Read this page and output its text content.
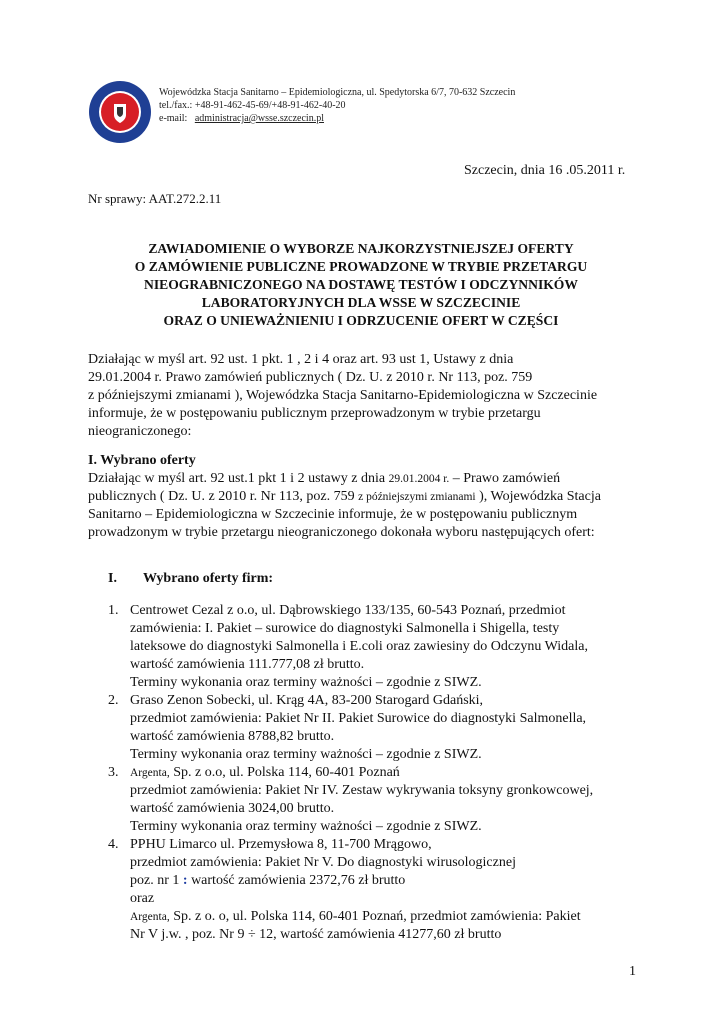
Wojewódzka Stacja Sanitarno – Epidemiologiczna, ul. Spedytorska 6/7, 70-632 Szczecin
tel./fax.: +48-91-462-45-69/+48-91-462-40-20
e-mail: administracja@wsse.szczecin.pl
Szczecin, dnia 16 .05.2011 r.
Nr sprawy: AAT.272.2.11
ZAWIADOMIENIE O WYBORZE NAJKORZYSTNIEJSZEJ OFERTY
O ZAMÓWIENIE PUBLICZNE PROWADZONE W TRYBIE PRZETARGU
NIEOGRABNICZONEGO NA DOSTAWĘ TESTÓW I ODCZYNNIKÓW
LABORATORYJNYCH DLA WSSE W SZCZECINIE
ORAZ O UNIEWAŻNIENIU I ODRZUCENIE OFERT W CZĘŚCI
Działając w myśl art. 92 ust. 1 pkt. 1 , 2 i 4 oraz art. 93 ust 1, Ustawy z dnia
29.01.2004 r. Prawo zamówień publicznych ( Dz. U. z 2010 r. Nr 113, poz. 759
z późniejszymi zmianami ), Wojewódzka Stacja Sanitarno-Epidemiologiczna w Szczecinie
informuje, że w postępowaniu publicznym przeprowadzonym w trybie przetargu
nieograniczonego:
I. Wybrano oferty
Działając w myśl art. 92 ust.1 pkt 1 i 2 ustawy z dnia 29.01.2004 r. – Prawo zamówień
publicznych ( Dz. U. z 2010 r. Nr 113, poz. 759 z późniejszymi zmianami ), Wojewódzka Stacja
Sanitarno – Epidemiologiczna w Szczecinie informuje, że w postępowaniu publicznym
prowadzonym w trybie przetargu nieograniczonego dokonała wyboru następujących ofert:
I. Wybrano oferty firm:
1. Centrowet Cezal z o.o, ul. Dąbrowskiego 133/135, 60-543 Poznań, przedmiot
zamówienia: I. Pakiet – surowice do diagnostyki Salmonella i Shigella, testy
lateksowe do diagnostyki Salmonella i E.coli oraz zawiesiny do Odczynu Widala,
wartość zamówienia 111.777,08 zł brutto.
Terminy wykonania oraz terminy ważności – zgodnie z SIWZ.
2. Graso Zenon Sobecki, ul. Krąg 4A, 83-200 Starogard Gdański,
przedmiot zamówienia: Pakiet Nr II. Pakiet Surowice do diagnostyki Salmonella,
wartość zamówienia 8788,82 brutto.
Terminy wykonania oraz terminy ważności – zgodnie z SIWZ.
3. Argenta, Sp. z o.o, ul. Polska 114, 60-401 Poznań
przedmiot zamówienia: Pakiet Nr IV. Zestaw wykrywania toksyny gronkowcowej,
wartość zamówienia 3024,00 brutto.
Terminy wykonania oraz terminy ważności – zgodnie z SIWZ.
4. PPHU Limarco ul. Przemysłowa 8, 11-700 Mrągowo,
przedmiot zamówienia: Pakiet Nr V. Do diagnostyki wirusologicznej
poz. nr 1 : wartość zamówienia 2372,76 zł brutto
oraz
Argenta, Sp. z o. o, ul. Polska 114, 60-401 Poznań, przedmiot zamówienia: Pakiet
Nr V j.w. , poz. Nr 9 ÷ 12, wartość zamówienia 41277,60 zł brutto
1
